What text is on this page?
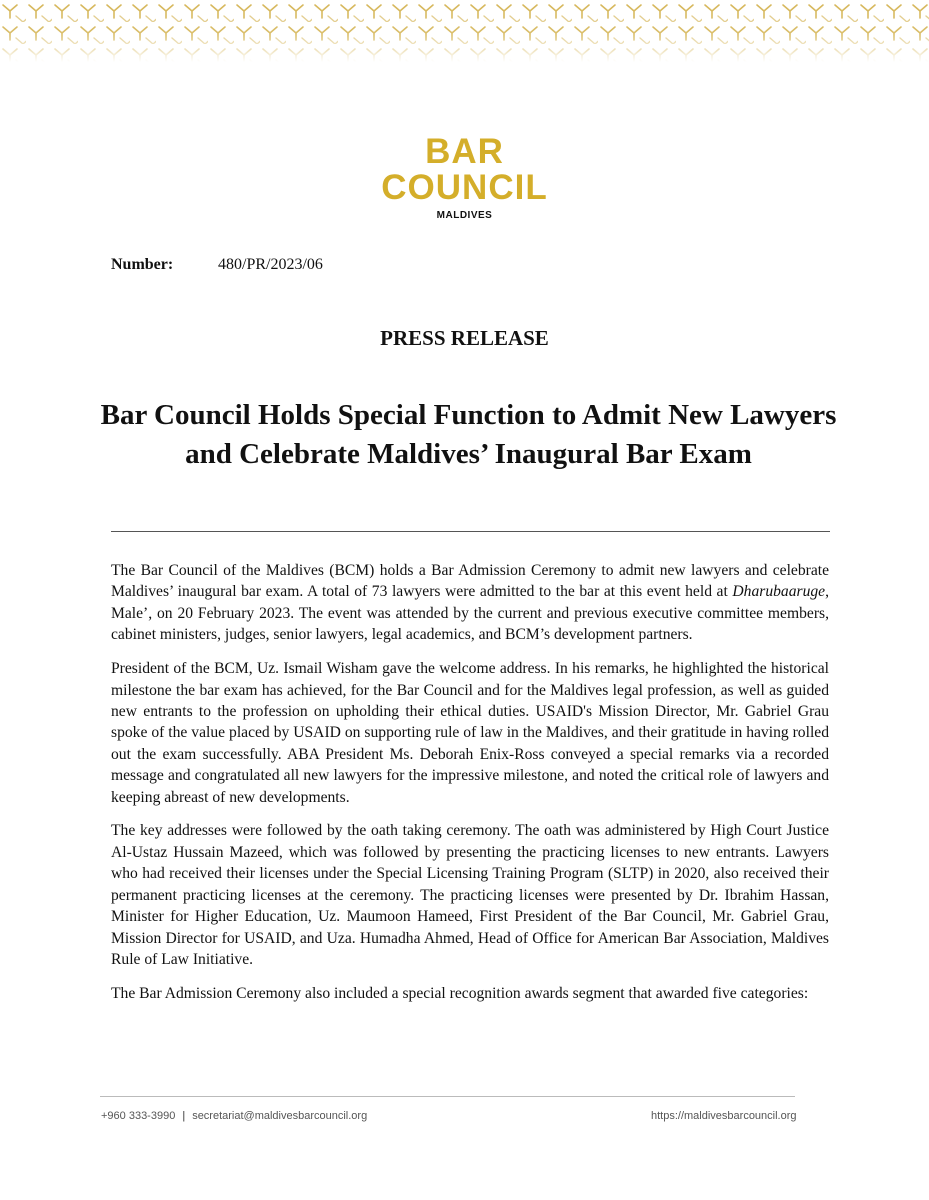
BAR
COUNCIL
MALDIVES
Number:	480/PR/2023/06
PRESS RELEASE
Bar Council Holds Special Function to Admit New Lawyers and Celebrate Maldives’ Inaugural Bar Exam

The Bar Council of the Maldives (BCM) holds a Bar Admission Ceremony to admit new lawyers and celebrate Maldives’ inaugural bar exam. A total of 73 lawyers were admitted to the bar at this event held at Dharubaaruge, Male’, on 20 February 2023. The event was attended by the current and previous executive committee members, cabinet ministers, judges, senior lawyers, legal academics, and BCM’s development partners.

President of the BCM, Uz. Ismail Wisham gave the welcome address. In his remarks, he highlighted the historical milestone the bar exam has achieved, for the Bar Council and for the Maldives legal profession, as well as guided new entrants to the profession on upholding their ethical duties. USAID's Mission Director, Mr. Gabriel Grau spoke of the value placed by USAID on supporting rule of law in the Maldives, and their gratitude in having rolled out the exam successfully. ABA President Ms. Deborah Enix-Ross conveyed a special remarks via a recorded message and congratulated all new lawyers for the impressive milestone, and noted the critical role of lawyers and keeping abreast of new developments.

The key addresses were followed by the oath taking ceremony. The oath was administered by High Court Justice Al-Ustaz Hussain Mazeed, which was followed by presenting the practicing licenses to new entrants. Lawyers who had received their licenses under the Special Licensing Training Program (SLTP) in 2020, also received their permanent practicing licenses at the ceremony. The practicing licenses were presented by Dr. Ibrahim Hassan, Minister for Higher Education, Uz. Maumoon Hameed, First President of the Bar Council, Mr. Gabriel Grau, Mission Director for USAID, and Uza. Humadha Ahmed, Head of Office for American Bar Association, Maldives Rule of Law Initiative.

The Bar Admission Ceremony also included a special recognition awards segment that awarded five categories:

+960 333-3990 | secretariat@maldivesbarcouncil.org	https://maldivesbarcouncil.org
